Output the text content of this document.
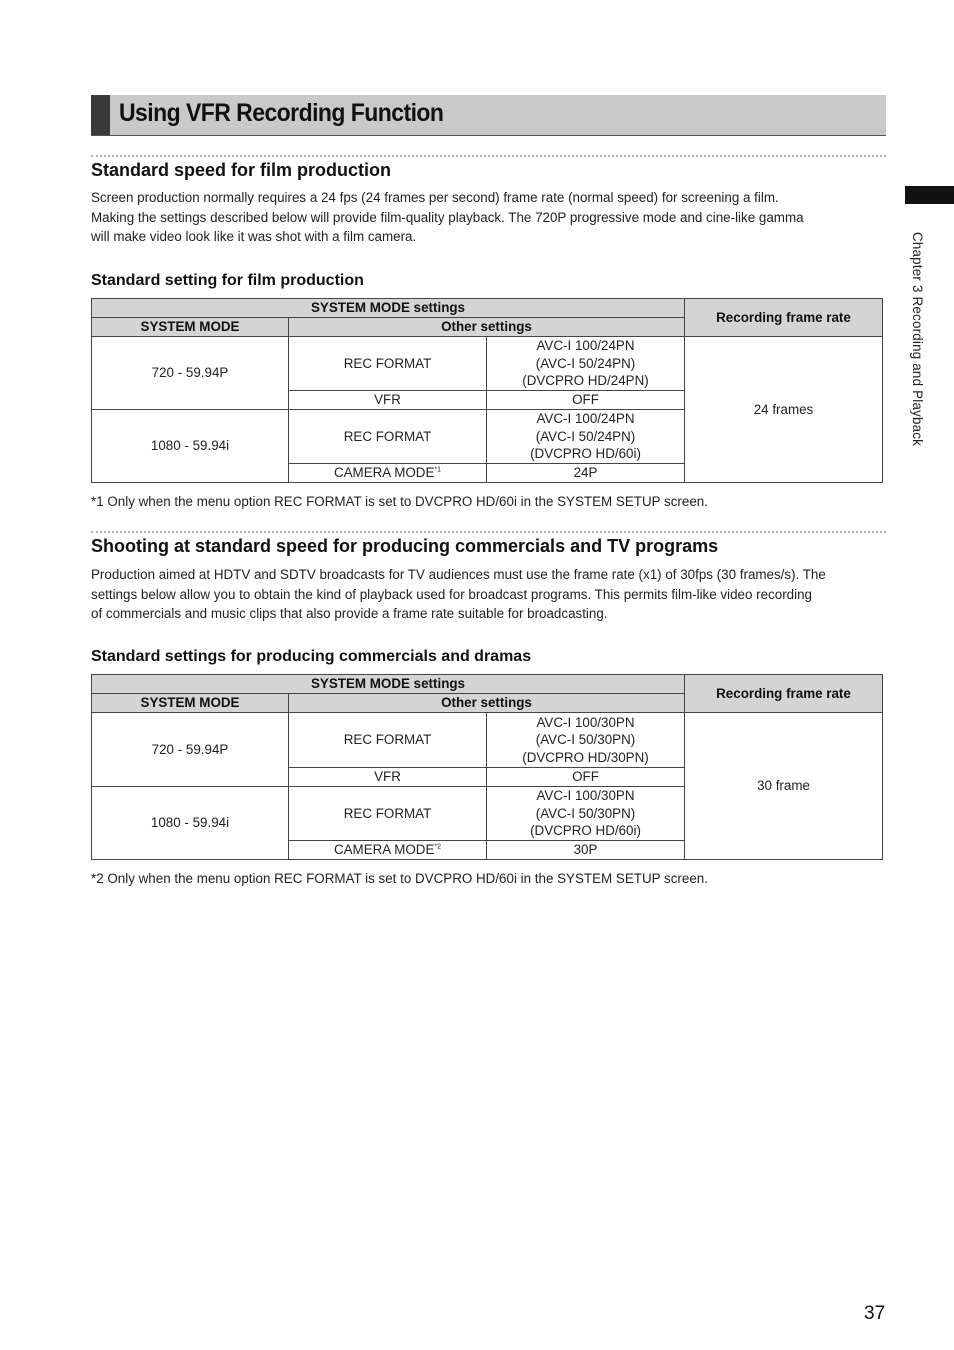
Using VFR Recording Function
Chapter 3 Recording and Playback
Standard speed for film production

Screen production normally requires a 24 fps (24 frames per second) frame rate (normal speed) for screening a film.

Making the settings described below will provide film-quality playback. The 720P progressive mode and cine-like gamma

will make video look like it was shot with a film camera.

Standard setting for film production
SYSTEM MODE settings			Recording frame rate
SYSTEM MODE	Other settings		
720 - 59.94P	REC FORMAT	AVC-I 100/24PN
(AVC-I 50/24PN)
(DVCPRO HD/24PN)	24 frames
	VFR	OFF	
1080 - 59.94i	REC FORMAT	AVC-I 100/24PN
(AVC-I 50/24PN)
(DVCPRO HD/60i)	

	CAMERA MODE$^{*1}$	24P	
*1 Only when the menu option REC FORMAT is set to DVCPRO HD/60i in the SYSTEM SETUP screen.
Shooting at standard speed for producing commercials and TV programs

Production aimed at HDTV and SDTV broadcasts for TV audiences must use the frame rate (x1) of 30fps (30 frames/s). The

settings below allow you to obtain the kind of playback used for broadcast programs. This permits film-like video recording

of commercials and music clips that also provide a frame rate suitable for broadcasting.

Standard settings for producing commercials and dramas
SYSTEM MODE settings			Recording frame rate
SYSTEM MODE	Other settings		
720 - 59.94P	REC FORMAT	AVC-I 100/30PN
(AVC-I 50/30PN)
(DVCPRO HD/30PN)	30 frame
	VFR	OFF	
1080 - 59.94i	REC FORMAT	AVC-I 100/30PN
(AVC-I 50/30PN)
(DVCPRO HD/60i)	

	CAMERA MODE$^{*2}$	30P	
*2 Only when the menu option REC FORMAT is set to DVCPRO HD/60i in the SYSTEM SETUP screen.
37
